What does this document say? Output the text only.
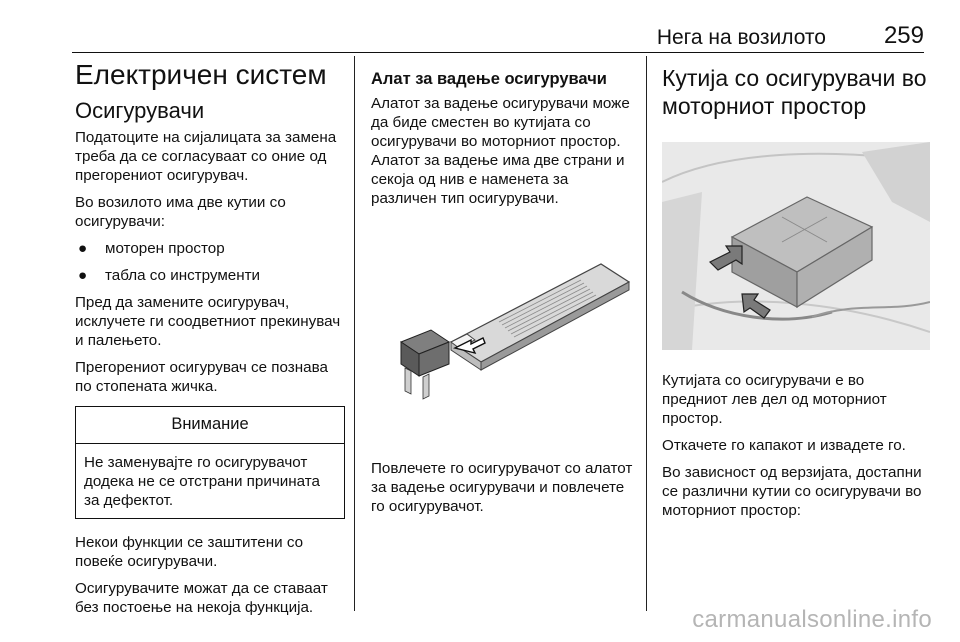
Нега на возилото 259
Електричен систем
Осигурувачи

Податоците на сијалицата за замена треба да се согласуваат со оние од прегорениот осигурувач.

Во возилото има две кутии со осигурувачи:

● моторен простор
● табла со инструменти

Пред да замените осигурувач, исклучете ги соодветниот прекинувач и палењето.

Прегорениот осигурувач се познава по стопената жичка.

Внимание
Не заменувајте го осигурувачот додека не се отстрани причината за дефектот.

Некои функции се заштитени со повеќе осигурувачи.

Осигурувачите можат да се ставаат без постоење на некоја функција.

Алат за вадење осигурувачи

Алатот за вадење осигурувачи може да биде сместен во кутијата со осигурувачи во моторниот простор. Алатот за вадење има две страни и секоја од нив е наменета за различен тип осигурувачи.

Повлечете го осигурувачот со алатот за вадење осигурувачи и повлечете го осигурувачот.

Кутија со осигурувачи во моторниот простор

Кутијата со осигурувачи е во предниот лев дел од моторниот простор.

Откачете го капакот и извадете го.

Во зависност од верзијата, достапни се различни кутии со осигурувачи во моторниот простор:

carmanualsonline.info
